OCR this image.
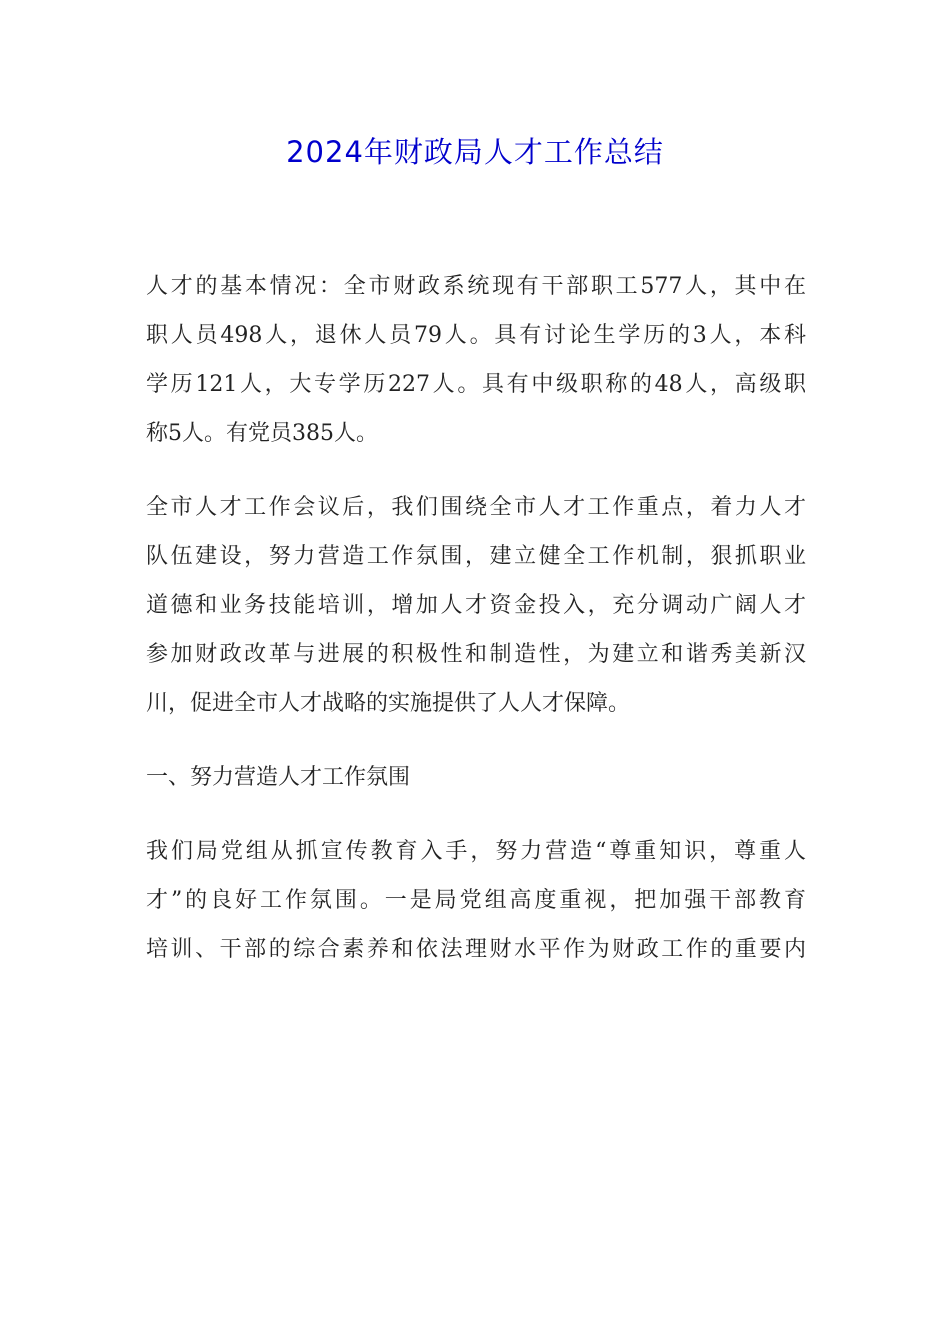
2024年财政局人才工作总结

人才的基本情况：全市财政系统现有干部职工577人，其中在
职人员498人，退休人员79人。具有讨论生学历的3人，本科
学历121人，大专学历227人。具有中级职称的48人，高级职
称5人。有党员385人。

全市人才工作会议后，我们围绕全市人才工作重点，着力人才
队伍建设，努力营造工作氛围，建立健全工作机制，狠抓职业
道德和业务技能培训，增加人才资金投入，充分调动广阔人才
参加财政改革与进展的积极性和制造性，为建立和谐秀美新汉
川，促进全市人才战略的实施提供了人人才保障。

一、努力营造人才工作氛围

我们局党组从抓宣传教育入手，努力营造“尊重知识，尊重人
才”的良好工作氛围。一是局党组高度重视，把加强干部教育
培训、干部的综合素养和依法理财水平作为财政工作的重要内
